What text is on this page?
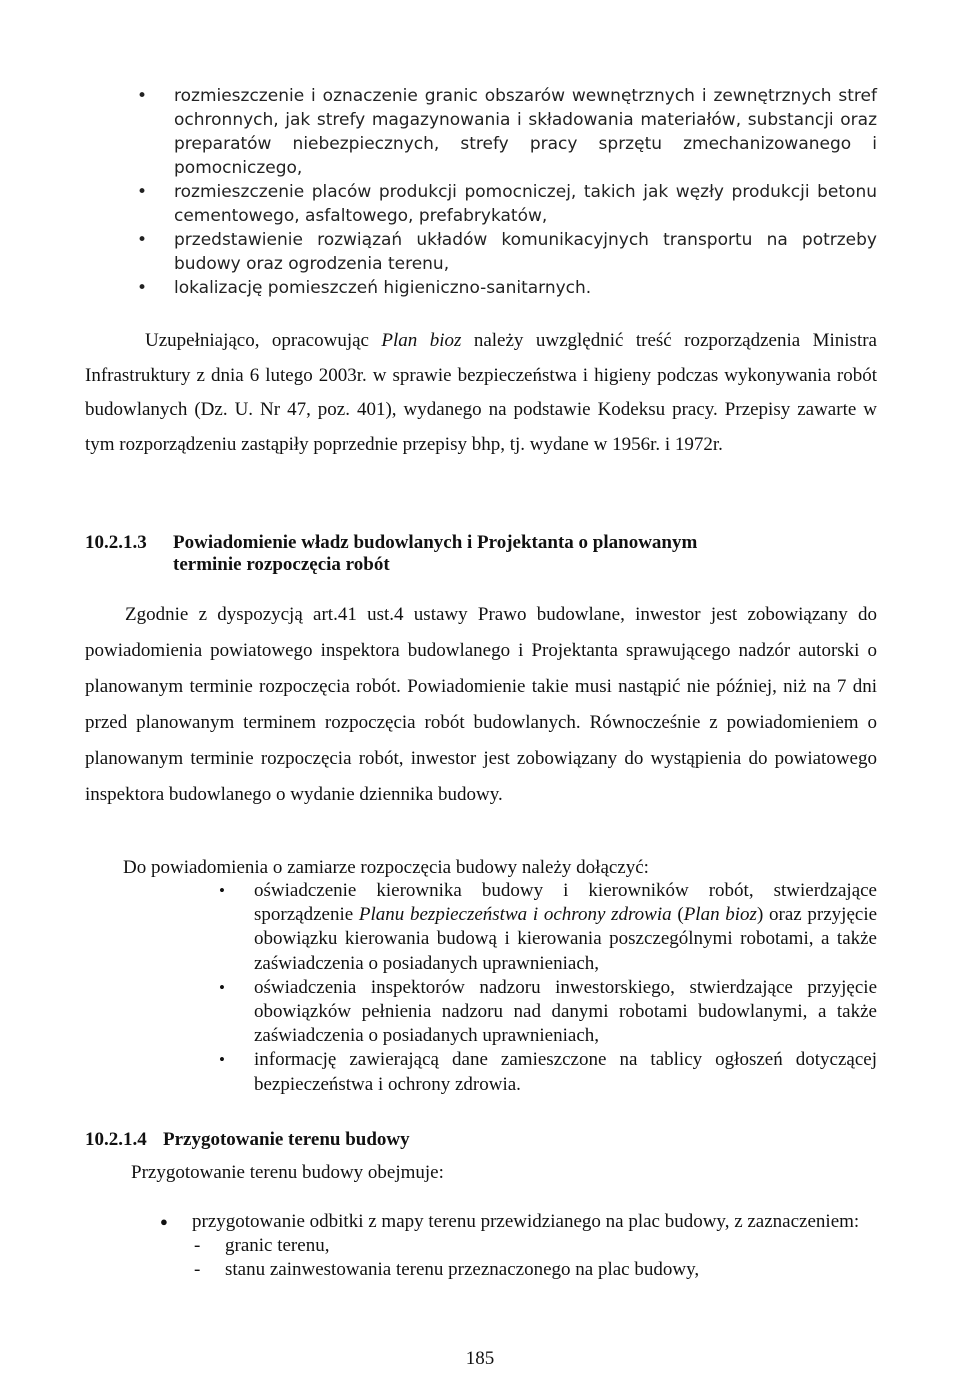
• rozmieszczenie i oznaczenie granic obszarów wewnętrznych i zewnętrznych stref ochronnych, jak strefy magazynowania i składowania materiałów, substancji oraz preparatów niebezpiecznych, strefy pracy sprzętu zmechanizowanego i pomocniczego,
• rozmieszczenie placów produkcji pomocniczej, takich jak węzły produkcji betonu cementowego, asfaltowego, prefabrykatów,
• przedstawienie rozwiązań układów komunikacyjnych transportu na potrzeby budowy oraz ogrodzenia terenu,
• lokalizację pomieszczeń higieniczno-sanitarnych.

Uzupełniająco, opracowując Plan bioz należy uwzględnić treść rozporządzenia Ministra Infrastruktury z dnia 6 lutego 2003r. w sprawie bezpieczeństwa i higieny podczas wykonywania robót budowlanych (Dz. U. Nr 47, poz. 401), wydanego na podstawie Kodeksu pracy. Przepisy zawarte w tym rozporządzeniu zastąpiły poprzednie przepisy bhp, tj. wydane w 1956r. i 1972r.

10.2.1.3 Powiadomienie władz budowlanych i Projektanta o planowanym
terminie rozpoczęcia robót

Zgodnie z dyspozycją art.41 ust.4 ustawy Prawo budowlane, inwestor jest zobowiązany do powiadomienia powiatowego inspektora budowlanego i Projektanta sprawującego nadzór autorski o planowanym terminie rozpoczęcia robót. Powiadomienie takie musi nastąpić nie później, niż na 7 dni przed planowanym terminem rozpoczęcia robót budowlanych. Równocześnie z powiadomieniem o planowanym terminie rozpoczęcia robót, inwestor jest zobowiązany do wystąpienia do powiatowego inspektora budowlanego o wydanie dziennika budowy.

Do powiadomienia o zamiarze rozpoczęcia budowy należy dołączyć:

• oświadczenie kierownika budowy i kierowników robót, stwierdzające sporządzenie Planu bezpieczeństwa i ochrony zdrowia (Plan bioz) oraz przyjęcie obowiązku kierowania budową i kierowania poszczególnymi robotami, a także zaświadczenia o posiadanych uprawnieniach,
• oświadczenia inspektorów nadzoru inwestorskiego, stwierdzające przyjęcie obowiązków pełnienia nadzoru nad danymi robotami budowlanymi, a także zaświadczenia o posiadanych uprawnieniach,
• informację zawierającą dane zamieszczone na tablicy ogłoszeń dotyczącej bezpieczeństwa i ochrony zdrowia.
10.2.1.4 Przygotowanie terenu budowy

Przygotowanie terenu budowy obejmuje:

● przygotowanie odbitki z mapy terenu przewidzianego na plac budowy, z zaznaczeniem:
- granic terenu,
- stanu zainwestowania terenu przeznaczonego na plac budowy,
185
